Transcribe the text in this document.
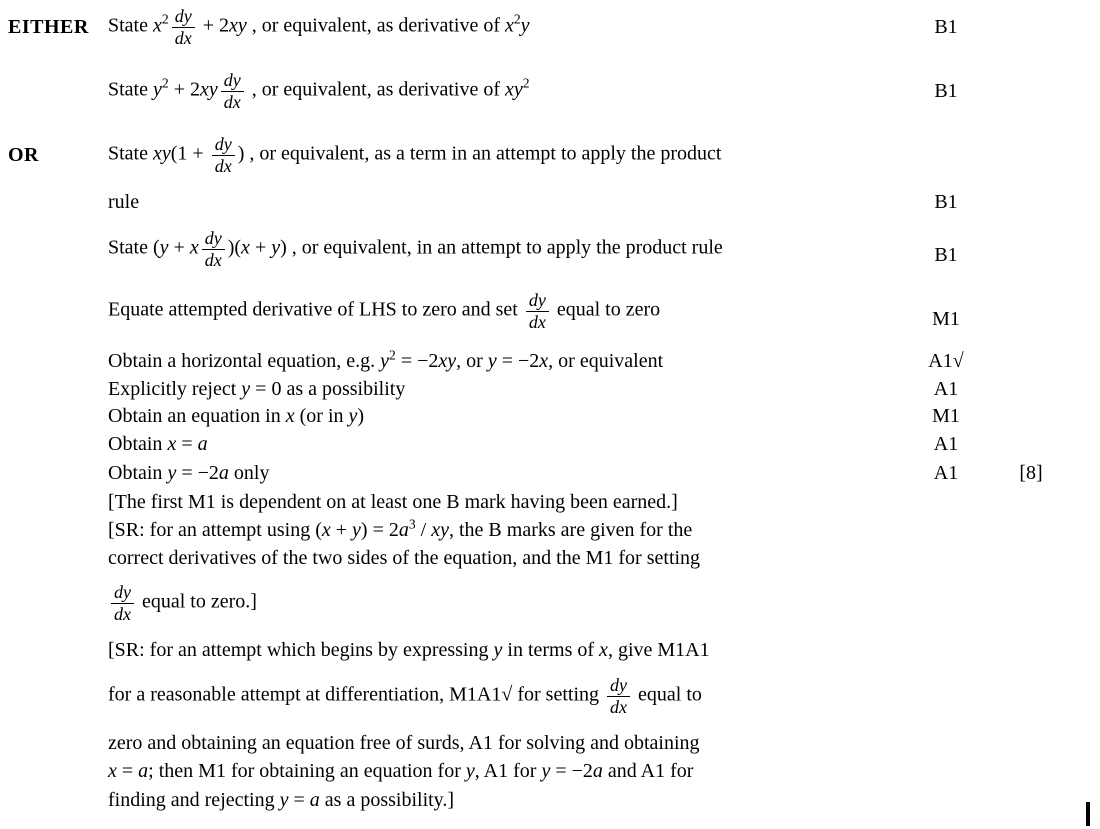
EITHER State $x^2 \frac{dy}{dx} + 2xy$ , or equivalent, as derivative of $x^2y$	B1
State $y^2 + 2xy \frac{dy}{dx}$ , or equivalent, as derivative of $xy^2$	B1
OR	State $xy(1 + \frac{dy}{dx}$ ) , or equivalent, as a term in an attempt to apply the product
rule	B1
State (y + x $\frac{dy}{dx} )(x + y)$ , or equivalent, in an attempt to apply the product rule	B1
Equate attempted derivative of LHS to zero and set $\frac{dy}{dx}$ equal to zero	M1
Obtain a horizontal equation, e.g. $y^2 = -2xy$, or y = −2x, or equivalent	A1√
Explicitly reject y = 0 as a possibility	A1
Obtain an equation in x (or in y)	M1
Obtain x = a	A1
Obtain y = −2a only	A1	[8]
[The first M1 is dependent on at least one B mark having been earned.]
[SR: for an attempt using $(x + y) = 2a^3$ / xy, the B marks are given for the
correct derivatives of the two sides of the equation, and the M1 for setting
$\frac{dy}{dx}$ equal to zero.]
[SR: for an attempt which begins by expressing y in terms of x, give M1A1
for a reasonable attempt at differentiation, M1A1√ for setting $\frac{dy}{dx}$ equal to
zero and obtaining an equation free of surds, A1 for solving and obtaining
x = a; then M1 for obtaining an equation for y, A1 for y = −2a and A1 for
finding and rejecting y = a as a possibility.]
